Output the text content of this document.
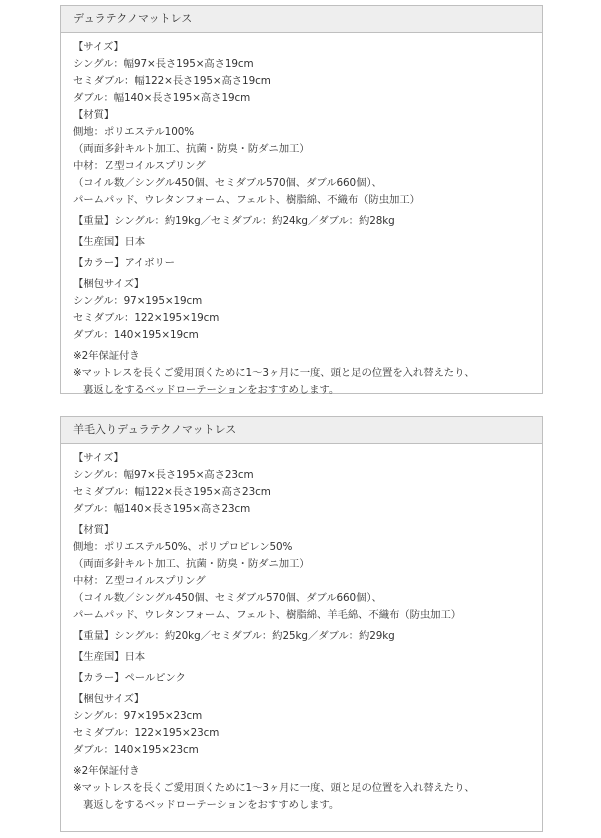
デュラテクノマットレス
【サイズ】
シングル：幅97×長さ195×高さ19cm
セミダブル：幅122×長さ195×高さ19cm
ダブル：幅140×長さ195×高さ19cm
【材質】
側地：ポリエステル100%
（両面多針キルト加工、抗菌・防臭・防ダニ加工）
中材：Ｚ型コイルスプリング
（コイル数／シングル450個、セミダブル570個、ダブル660個）、
パームパッド、ウレタンフォーム、フェルト、樹脂綿、不織布（防虫加工）
【重量】シングル：約19kg／セミダブル：約24kg／ダブル：約28kg
【生産国】日本
【カラー】アイボリー
【梱包サイズ】
シングル：97×195×19cm
セミダブル：122×195×19cm
ダブル：140×195×19cm
※2年保証付き
※マットレスを長くご愛用頂くために1～3ヶ月に一度、頭と足の位置を入れ替えたり、
裏返しをするベッドローテーションをおすすめします。
羊毛入りデュラテクノマットレス
【サイズ】
シングル：幅97×長さ195×高さ23cm
セミダブル：幅122×長さ195×高さ23cm
ダブル：幅140×長さ195×高さ23cm
【材質】
側地：ポリエステル50%、ポリプロピレン50%
（両面多針キルト加工、抗菌・防臭・防ダニ加工）
中材：Ｚ型コイルスプリング
（コイル数／シングル450個、セミダブル570個、ダブル660個）、
パームパッド、ウレタンフォーム、フェルト、樹脂綿、羊毛綿、不織布（防虫加工）
【重量】シングル：約20kg／セミダブル：約25kg／ダブル：約29kg
【生産国】日本
【カラー】ペールピンク
【梱包サイズ】
シングル：97×195×23cm
セミダブル：122×195×23cm
ダブル：140×195×23cm
※2年保証付き
※マットレスを長くご愛用頂くために1～3ヶ月に一度、頭と足の位置を入れ替えたり、
裏返しをするベッドローテーションをおすすめします。
